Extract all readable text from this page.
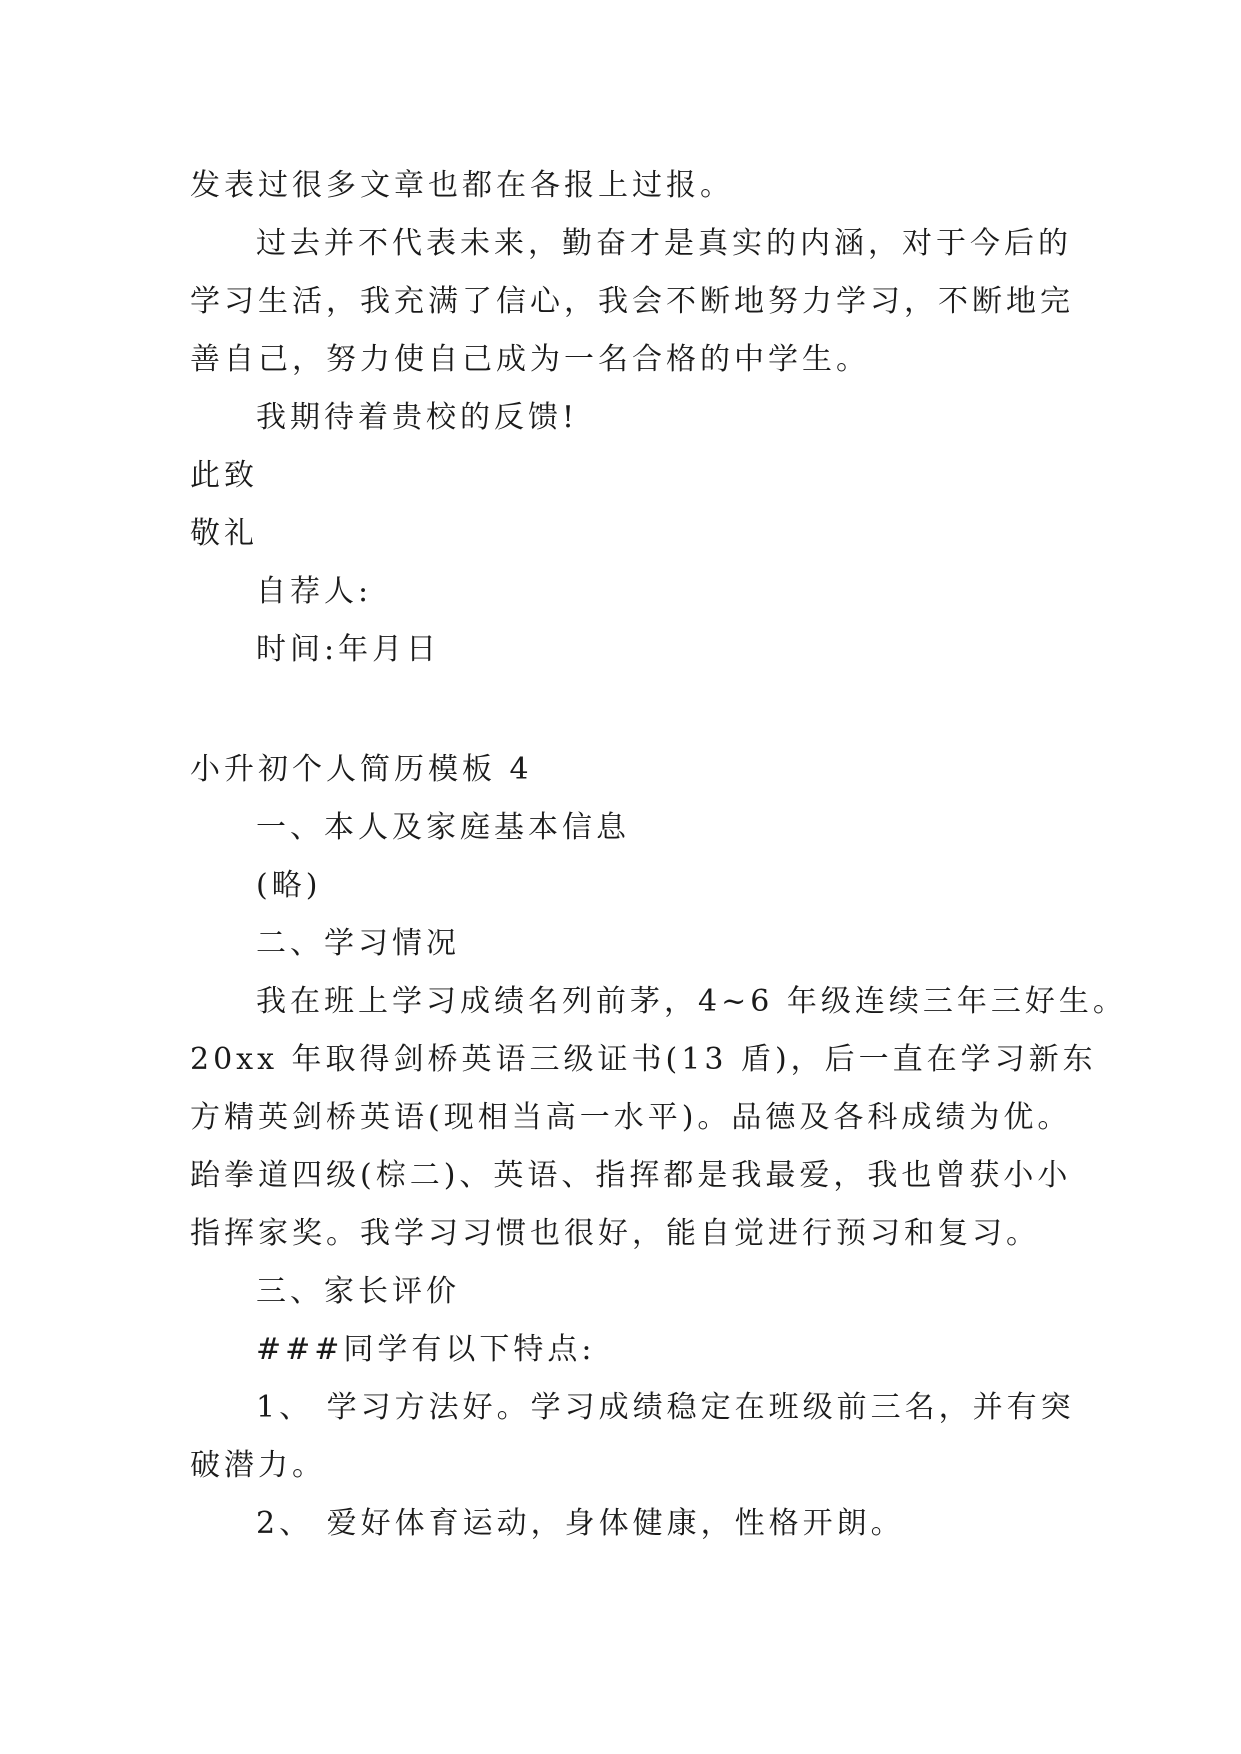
发表过很多文章也都在各报上过报。

过去并不代表未来，勤奋才是真实的内涵，对于今后的

学习生活，我充满了信心，我会不断地努力学习，不断地完

善自己，努力使自己成为一名合格的中学生。

我期待着贵校的反馈!

此致

敬礼

自荐人:

时间:年月日

小升初个人简历模板 4

一、本人及家庭基本信息

(略)

二、学习情况

我在班上学习成绩名列前茅，4~6 年级连续三年三好生。

20xx 年取得剑桥英语三级证书(13 盾)，后一直在学习新东

方精英剑桥英语(现相当高一水平)。品德及各科成绩为优。

跆拳道四级(棕二)、英语、指挥都是我最爱，我也曾获小小

指挥家奖。我学习习惯也很好，能自觉进行预习和复习。

三、家长评价

###同学有以下特点:

1、 学习方法好。学习成绩稳定在班级前三名，并有突

破潜力。

2、 爱好体育运动，身体健康，性格开朗。
